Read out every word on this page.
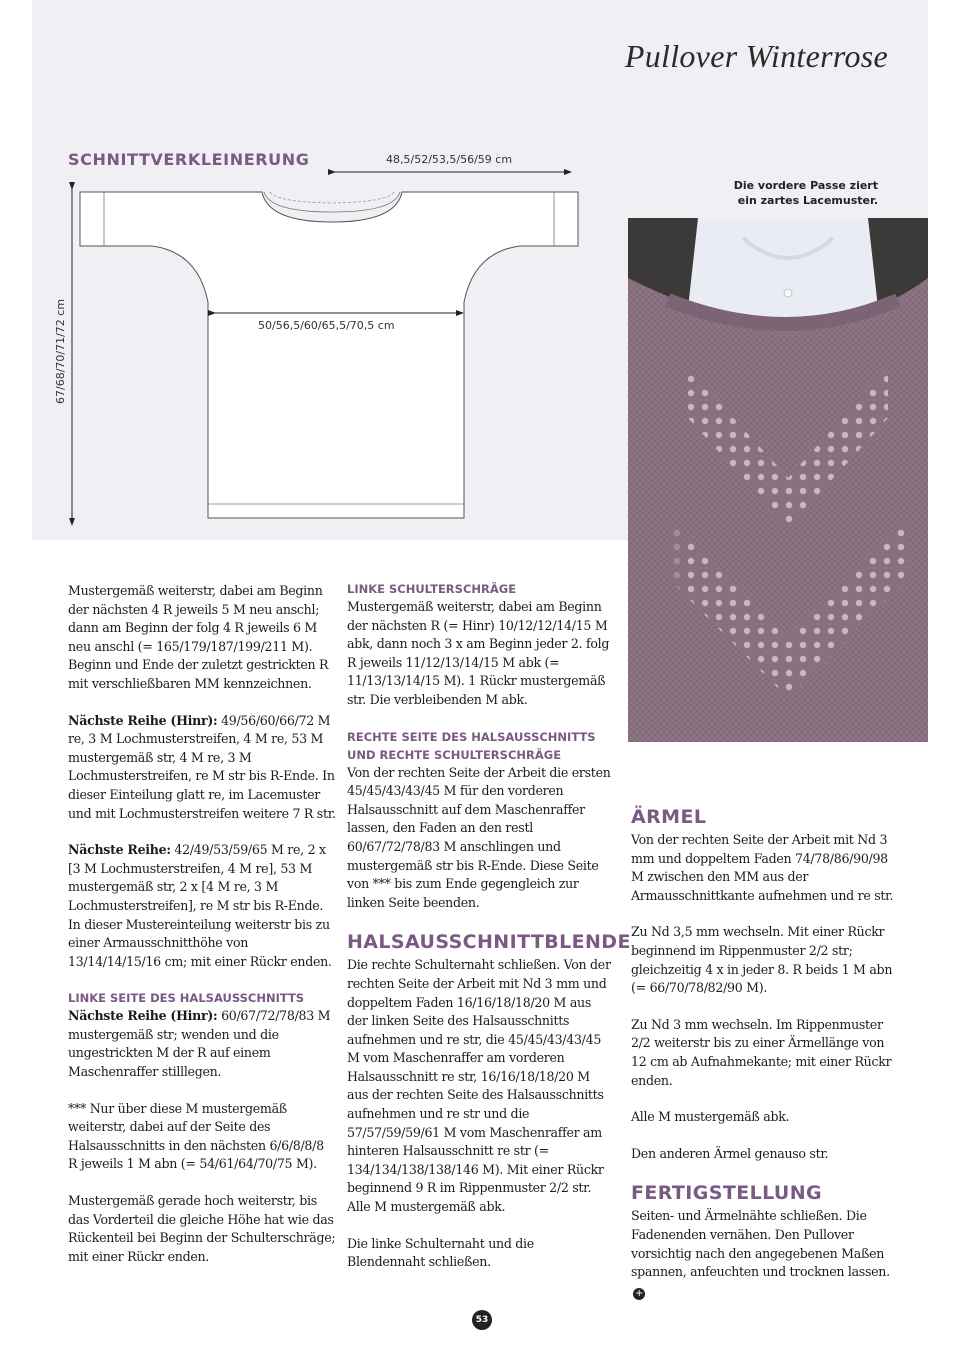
Pullover Winterrose
SCHNITTVERKLEINERUNG	48,5/52/53,5/56/59 cm
50/56,5/60/65,5/70,5 cm
67/68/70/71/72 cm
Die vordere Passe ziert ein zartes Lacemuster.

Mustergemäß weiterstr, dabei am Beginn der nächsten 4 R jeweils 5 M neu anschl; dann am Beginn der folg 4 R jeweils 6 M neu anschl (= 165/179/187/199/211 M). Beginn und Ende der zuletzt gestrickten R mit verschließbaren MM kennzeichnen.

Nächste Reihe (Hinr): 49/56/60/66/72 M re, 3 M Lochmusterstreifen, 4 M re, 53 M mustergemäß str, 4 M re, 3 M Lochmusterstreifen, re M str bis R-Ende. In dieser Einteilung glatt re, im Lacemuster und mit Lochmusterstreifen weitere 7 R str.

Nächste Reihe: 42/49/53/59/65 M re, 2 x [3 M Lochmusterstreifen, 4 M re], 53 M mustergemäß str, 2 x [4 M re, 3 M Lochmusterstreifen], re M str bis R-Ende. In dieser Mustereinteilung weiterstr bis zu einer Armausschnitthöhe von 13/14/14/15/16 cm; mit einer Rückr enden.

LINKE SEITE DES HALSAUSSCHNITTS

Nächste Reihe (Hinr): 60/67/72/78/83 M mustergemäß str; wenden und die ungestrickten M der R auf einem Maschenraffer stilllegen.

*** Nur über diese M mustergemäß weiterstr, dabei auf der Seite des Halsausschnitts in den nächsten 6/6/8/8/8 R jeweils 1 M abn (= 54/61/64/70/75 M).

Mustergemäß gerade hoch weiterstr, bis das Vorderteil die gleiche Höhe hat wie das Rückenteil bei Beginn der Schulterschräge; mit einer Rückr enden.

LINKE SCHULTERSCHRÄGE

Mustergemäß weiterstr, dabei am Beginn der nächsten R (= Hinr) 10/12/12/14/15 M abk, dann noch 3 x am Beginn jeder 2. folg R jeweils 11/12/13/14/15 M abk (= 11/13/13/14/15 M). 1 Rückr mustergemäß str. Die verbleibenden M abk.

RECHTE SEITE DES HALSAUSSCHNITTS UND RECHTE SCHULTERSCHRÄGE

Von der rechten Seite der Arbeit die ersten 45/45/43/43/45 M für den vorderen Halsausschnitt auf dem Maschenraffer lassen, den Faden an den restl 60/67/72/78/83 M anschlingen und mustergemäß str bis R-Ende. Diese Seite von *** bis zum Ende gegengleich zur linken Seite beenden.

HALSAUSSCHNITTBLENDE

Die rechte Schulternaht schließen. Von der rechten Seite der Arbeit mit Nd 3 mm und doppeltem Faden 16/16/18/18/20 M aus der linken Seite des Halsausschnitts aufnehmen und re str, die 45/45/43/43/45 M vom Maschenraffer am vorderen Halsausschnitt re str, 16/16/18/18/20 M aus der rechten Seite des Halsausschnitts aufnehmen und re str und die 57/57/59/59/61 M vom Maschenraffer am hinteren Halsausschnitt re str (= 134/134/138/138/146 M). Mit einer Rückr beginnend 9 R im Rippenmuster 2/2 str. Alle M mustergemäß abk.

Die linke Schulternaht und die Blendennaht schließen.

ÄRMEL

Von der rechten Seite der Arbeit mit Nd 3 mm und doppeltem Faden 74/78/86/90/98 M zwischen den MM aus der Armausschnittkante aufnehmen und re str.

Zu Nd 3,5 mm wechseln. Mit einer Rückr beginnend im Rippenmuster 2/2 str; gleichzeitig 4 x in jeder 8. R beids 1 M abn (= 66/70/78/82/90 M).

Zu Nd 3 mm wechseln. Im Rippenmuster 2/2 weiterstr bis zu einer Ärmellänge von 12 cm ab Aufnahmekante; mit einer Rückr enden.

Alle M mustergemäß abk.

Den anderen Ärmel genauso str.

FERTIGSTELLUNG

Seiten- und Ärmelnähte schließen. Die Fadenenden vernähen. Den Pullover vorsichtig nach den angegebenen Maßen spannen, anfeuchten und trocknen lassen. +

53
